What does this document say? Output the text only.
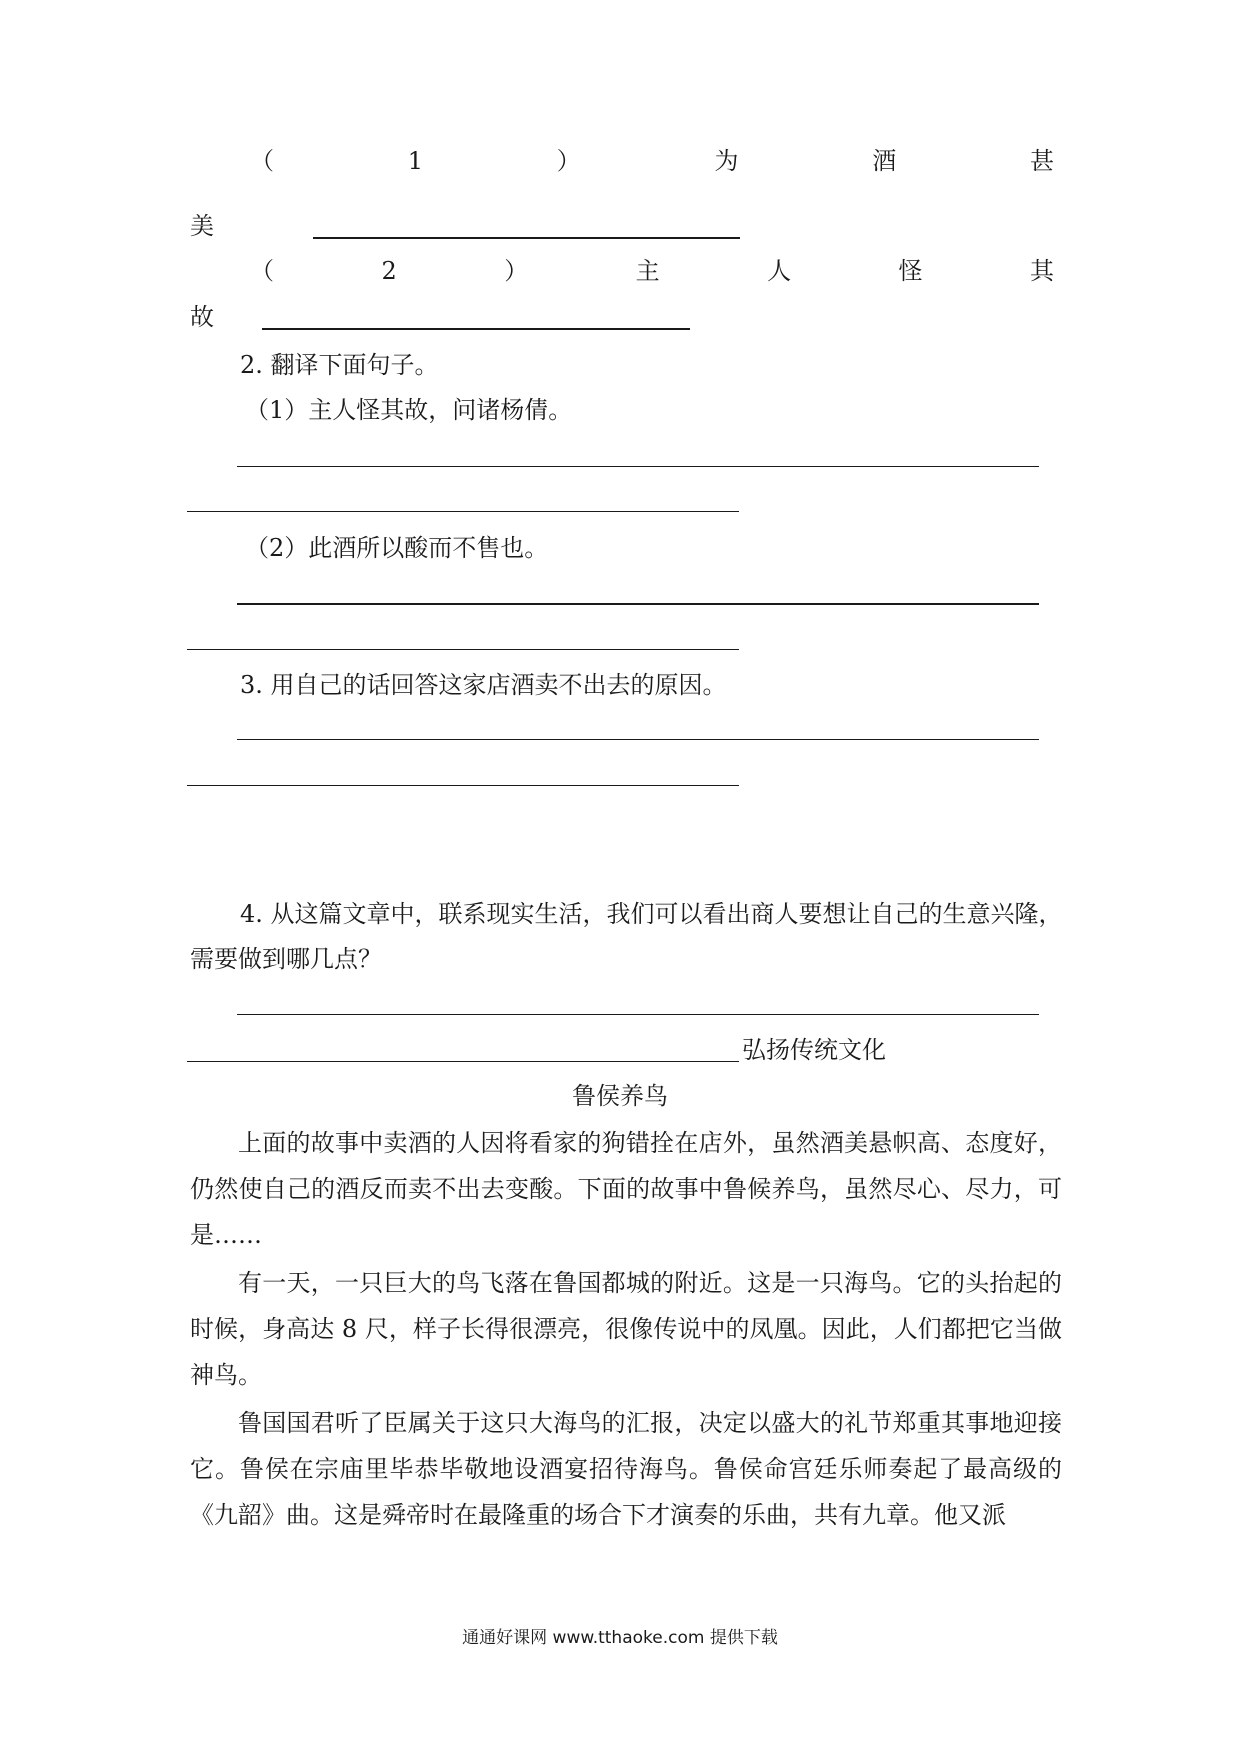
（	1	）	为	酒	甚
美
（	2	）	主	人	怪	其
故
2. 翻译下面句子。
（1）主人怪其故，问诸杨倩。
（2）此酒所以酸而不售也。
3. 用自己的话回答这家店酒卖不出去的原因。
4. 从这篇文章中，联系现实生活，我们可以看出商人要想让自己的生意兴隆，
需要做到哪几点？
弘扬传统文化
鲁侯养鸟
上面的故事中卖酒的人因将看家的狗错拴在店外，虽然酒美悬帜高、态度好，仍然使自己的酒反而卖不出去变酸。下面的故事中鲁候养鸟，虽然尽心、尽力，可是……
有一天，一只巨大的鸟飞落在鲁国都城的附近。这是一只海鸟。它的头抬起的时候，身高达 8 尺，样子长得很漂亮，很像传说中的凤凰。因此，人们都把它当做神鸟。
鲁国国君听了臣属关于这只大海鸟的汇报，决定以盛大的礼节郑重其事地迎接它。鲁侯在宗庙里毕恭毕敬地设酒宴招待海鸟。鲁侯命宫廷乐师奏起了最高级的《九韶》曲。这是舜帝时在最隆重的场合下才演奏的乐曲，共有九章。他又派
通通好课网 www.tthaoke.com 提供下载
